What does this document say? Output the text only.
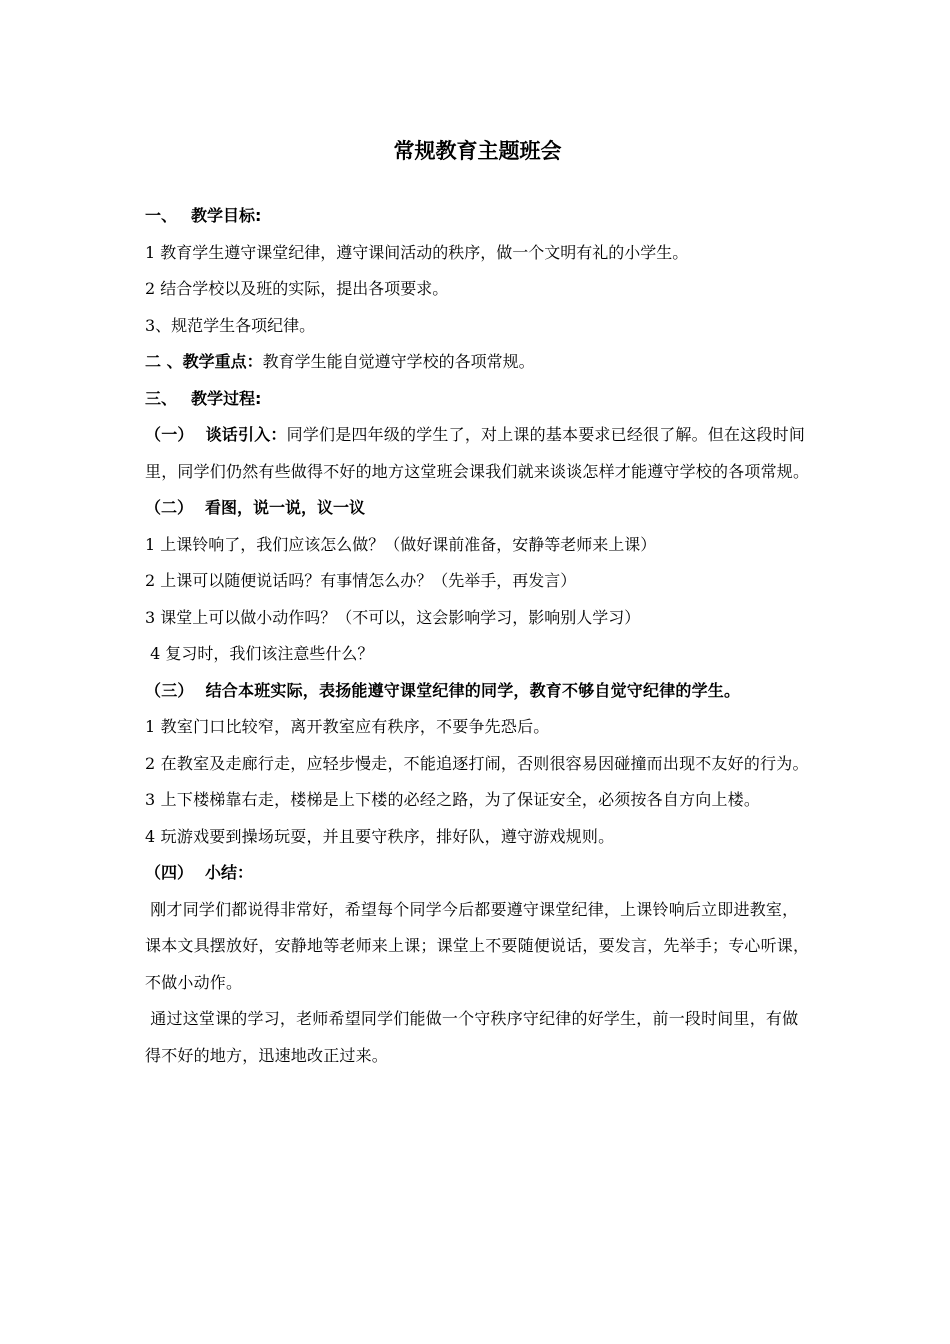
常规教育主题班会

一、 教学目标:

1 教育学生遵守课堂纪律，遵守课间活动的秩序，做一个文明有礼的小学生。

2 结合学校以及班的实际，提出各项要求。

3、规范学生各项纪律。

二 、教学重点：教育学生能自觉遵守学校的各项常规。

三、 教学过程:

（一） 谈话引入：同学们是四年级的学生了，对上课的基本要求已经很了解。但在这段时间里，同学们仍然有些做得不好的地方这堂班会课我们就来谈谈怎样才能遵守学校的各项常规。

（二） 看图，说一说，议一议

1 上课铃响了，我们应该怎么做？（做好课前准备，安静等老师来上课）

2 上课可以随便说话吗？有事情怎么办？（先举手，再发言）

3 课堂上可以做小动作吗？（不可以，这会影响学习，影响别人学习）

4 复习时，我们该注意些什么？

（三） 结合本班实际，表扬能遵守课堂纪律的同学，教育不够自觉守纪律的学生。

1 教室门口比较窄，离开教室应有秩序，不要争先恐后。

2 在教室及走廊行走，应轻步慢走，不能追逐打闹，否则很容易因碰撞而出现不友好的行为。

3 上下楼梯靠右走，楼梯是上下楼的必经之路，为了保证安全，必须按各自方向上楼。

4 玩游戏要到操场玩耍，并且要守秩序，排好队，遵守游戏规则。

（四） 小结：

刚才同学们都说得非常好，希望每个同学今后都要遵守课堂纪律，上课铃响后立即进教室，课本文具摆放好，安静地等老师来上课；课堂上不要随便说话，要发言，先举手；专心听课，不做小动作。

通过这堂课的学习，老师希望同学们能做一个守秩序守纪律的好学生，前一段时间里，有做得不好的地方，迅速地改正过来。
